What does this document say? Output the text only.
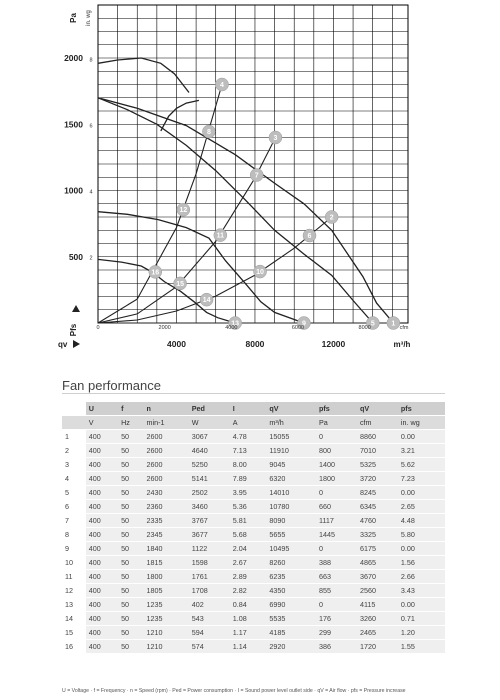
1
2
3
4
5
6
7
8
9
10
11
12
13
14
15
16
500
1000
1500
2000
2
4
6
8
Pa in. wg
Pfs	0	2000	4000	6000	8000	cfm
4000	8000	12000	m³/h
qv
Fan performance
	U	f	n	Ped	I	qV	pfs	qV	pfs
	V	Hz	min-1	W	A	m³/h	Pa	cfm	in. wg
1	400	50	2600	3067	4.78	15055	0	8860	0.00
2	400	50	2600	4640	7.13	11910	800	7010	3.21
3	400	50	2600	5250	8.00	9045	1400	5325	5.62
4	400	50	2600	5141	7.89	6320	1800	3720	7.23
5	400	50	2430	2502	3.95	14010	0	8245	0.00
6	400	50	2360	3460	5.36	10780	660	6345	2.65
7	400	50	2335	3767	5.81	8090	1117	4760	4.48
8	400	50	2345	3677	5.68	5655	1445	3325	5.80
9	400	50	1840	1122	2.04	10495	0	6175	0.00
10	400	50	1815	1598	2.67	8260	388	4865	1.56
11	400	50	1800	1761	2.89	6235	663	3670	2.66
12	400	50	1805	1708	2.82	4350	855	2560	3.43
13	400	50	1235	402	0.84	6990	0	4115	0.00
14	400	50	1235	543	1.08	5535	176	3260	0.71
15	400	50	1210	594	1.17	4185	299	2465	1.20
16	400	50	1210	574	1.14	2920	386	1720	1.55
U = Voltage · f = Frequency · n = Speed (rpm) · Ped = Power consumption · I = Sound power level outlet side · qV = Air flow · pfs = Pressure increase
